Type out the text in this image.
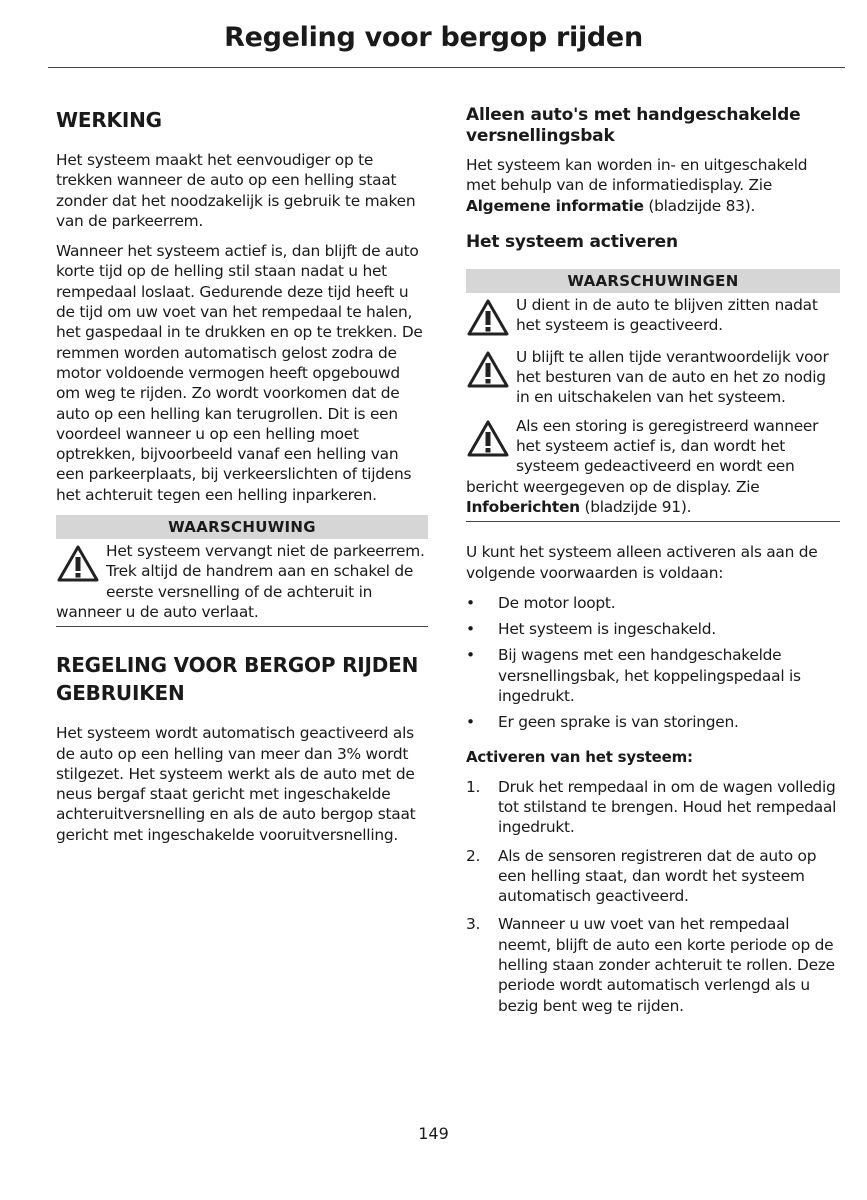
Regeling voor bergop rijden
WERKING

Het systeem maakt het eenvoudiger op te trekken wanneer de auto op een helling staat zonder dat het noodzakelijk is gebruik te maken van de parkeerrem.

Wanneer het systeem actief is, dan blijft de auto korte tijd op de helling stil staan nadat u het rempedaal loslaat. Gedurende deze tijd heeft u de tijd om uw voet van het rempedaal te halen, het gaspedaal in te drukken en op te trekken. De remmen worden automatisch gelost zodra de motor voldoende vermogen heeft opgebouwd om weg te rijden. Zo wordt voorkomen dat de auto op een helling kan terugrollen. Dit is een voordeel wanneer u op een helling moet optrekken, bijvoorbeeld vanaf een helling van een parkeerplaats, bij verkeerslichten of tijdens het achteruit tegen een helling inparkeren.

WAARSCHUWING
Het systeem vervangt niet de parkeerrem. Trek altijd de handrem aan en schakel de eerste versnelling of de achteruit in wanneer u de auto verlaat.
REGELING VOOR BERGOP RIJDEN GEBRUIKEN

Het systeem wordt automatisch geactiveerd als de auto op een helling van meer dan 3% wordt stilgezet. Het systeem werkt als de auto met de neus bergaf staat gericht met ingeschakelde achteruitversnelling en als de auto bergop staat gericht met ingeschakelde vooruitversnelling.

Alleen auto's met handgeschakelde versnellingsbak

Het systeem kan worden in- en uitgeschakeld met behulp van de informatiedisplay. Zie Algemene informatie (bladzijde 83).

Het systeem activeren
WAARSCHUWINGEN
U dient in de auto te blijven zitten nadat het systeem is geactiveerd.
U blijft te allen tijde verantwoordelijk voor het besturen van de auto en het zo nodig in en uitschakelen van het systeem.
Als een storing is geregistreerd wanneer het systeem actief is, dan wordt het systeem gedeactiveerd en wordt een bericht weergegeven op de display. Zie Infoberichten (bladzijde 91).

U kunt het systeem alleen activeren als aan de volgende voorwaarden is voldaan:

• De motor loopt.
• Het systeem is ingeschakeld.
• Bij wagens met een handgeschakelde versnellingsbak, het koppelingspedaal is ingedrukt.
• Er geen sprake is van storingen.
Activeren van het systeem:
1. Druk het rempedaal in om de wagen volledig tot stilstand te brengen. Houd het rempedaal ingedrukt.
2. Als de sensoren registreren dat de auto op een helling staat, dan wordt het systeem automatisch geactiveerd.
3. Wanneer u uw voet van het rempedaal neemt, blijft de auto een korte periode op de helling staan zonder achteruit te rollen. Deze periode wordt automatisch verlengd als u bezig bent weg te rijden.
149
